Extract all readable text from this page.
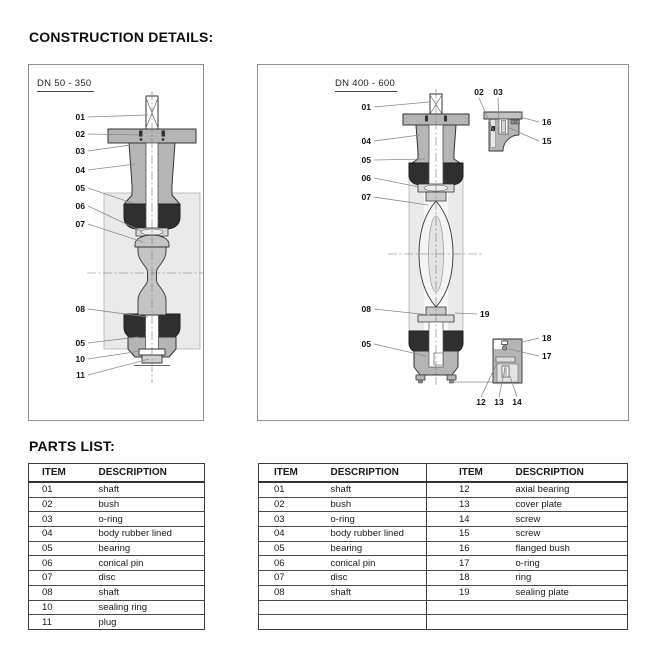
CONSTRUCTION DETAILS:
01
02
03
04
05
06
07
08
05
10
11
DN 50 - 350
01
04
05
06
07
08
05
19
02 03
16
15
18
17
12 13 14
DN 400 - 600
PARTS LIST:
ITEM	DESCRIPTION
01	shaft
02	bush
03	o-ring
04	body rubber lined
05	bearing
06	conical pin
07	disc
08	shaft
10	sealing ring
11	plug
ITEM	DESCRIPTION	ITEM	DESCRIPTION
01	shaft	12	axial bearing
02	bush	13	cover plate
03	o-ring	14	screw
04	body rubber lined	15	screw
05	bearing	16	flanged bush
06	conical pin	17	o-ring
07	disc	18	ring
08	shaft	19	sealing plate
